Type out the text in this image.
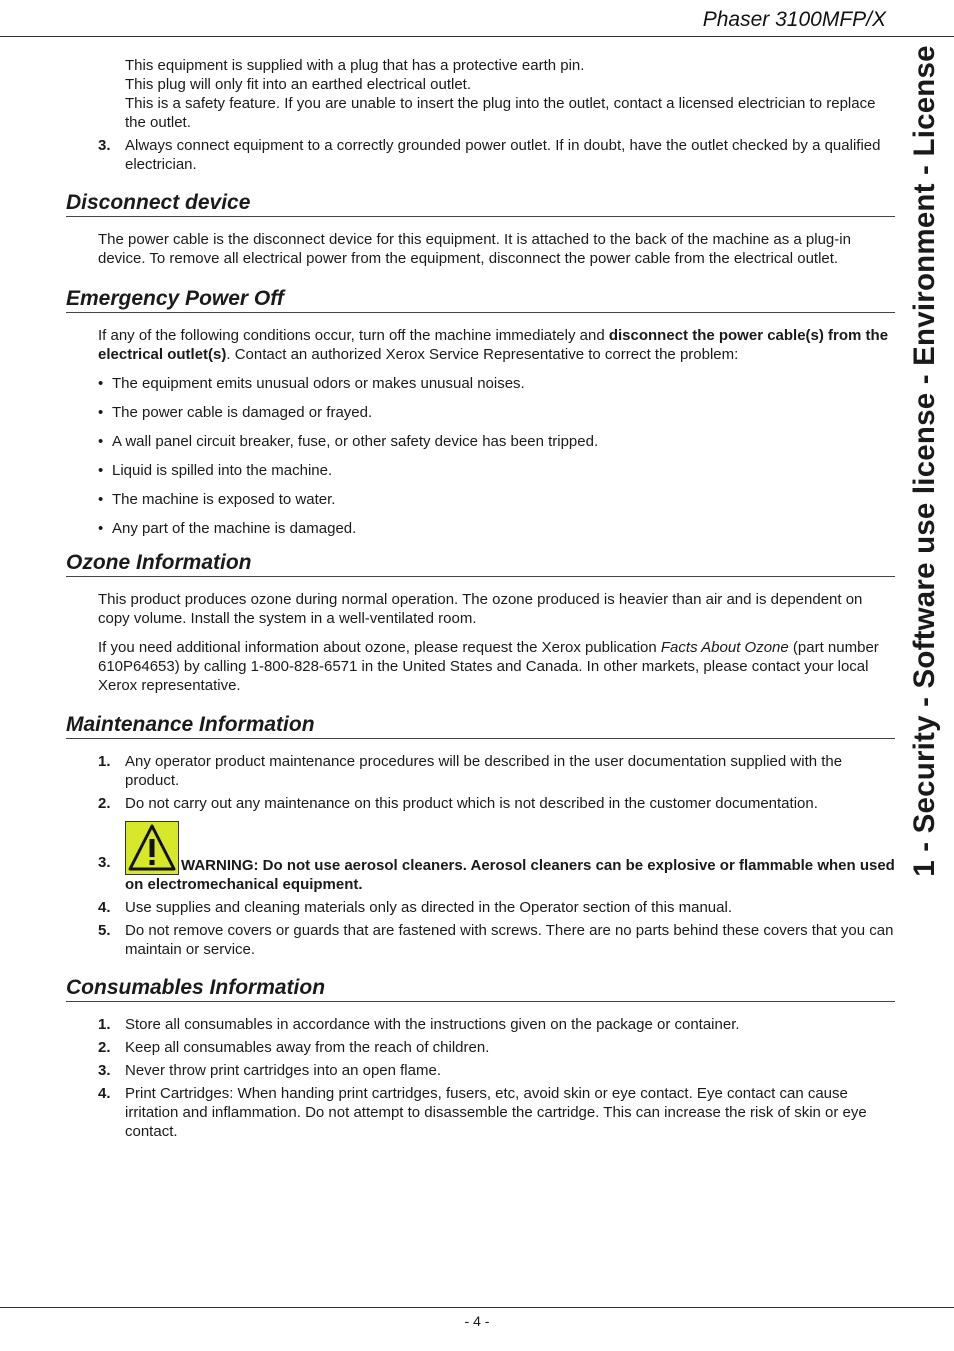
Phaser 3100MFP/X
1 - Security - Software use license - Environment - License
This equipment is supplied with a plug that has a protective earth pin.
This plug will only fit into an earthed electrical outlet.
This is a safety feature. If you are unable to insert the plug into the outlet, contact a licensed electrician to replace the outlet.
3. Always connect equipment to a correctly grounded power outlet. If in doubt, have the outlet checked by a qualified electrician.
Disconnect device

The power cable is the disconnect device for this equipment. It is attached to the back of the machine as a plug-in device. To remove all electrical power from the equipment, disconnect the power cable from the electrical outlet.

Emergency Power Off

If any of the following conditions occur, turn off the machine immediately and disconnect the power cable(s) from the electrical outlet(s). Contact an authorized Xerox Service Representative to correct the problem:

• The equipment emits unusual odors or makes unusual noises.
• The power cable is damaged or frayed.
• A wall panel circuit breaker, fuse, or other safety device has been tripped.
• Liquid is spilled into the machine.
• The machine is exposed to water.
• Any part of the machine is damaged.
Ozone Information

This product produces ozone during normal operation. The ozone produced is heavier than air and is dependent on copy volume. Install the system in a well-ventilated room.

If you need additional information about ozone, please request the Xerox publication Facts About Ozone (part number 610P64653) by calling 1-800-828-6571 in the United States and Canada. In other markets, please contact your local Xerox representative.

Maintenance Information
1. Any operator product maintenance procedures will be described in the user documentation supplied with the product.
2. Do not carry out any maintenance on this product which is not described in the customer documentation.
3.	WARNING: Do not use aerosol cleaners. Aerosol cleaners can be explosive or flammable when used on electromechanical equipment.
4. Use supplies and cleaning materials only as directed in the Operator section of this manual.
5. Do not remove covers or guards that are fastened with screws. There are no parts behind these covers that you can maintain or service.
Consumables Information
1. Store all consumables in accordance with the instructions given on the package or container.
2. Keep all consumables away from the reach of children.
3. Never throw print cartridges into an open flame.
4. Print Cartridges: When handing print cartridges, fusers, etc, avoid skin or eye contact. Eye contact can cause irritation and inflammation. Do not attempt to disassemble the cartridge. This can increase the risk of skin or eye contact.
- 4 -
